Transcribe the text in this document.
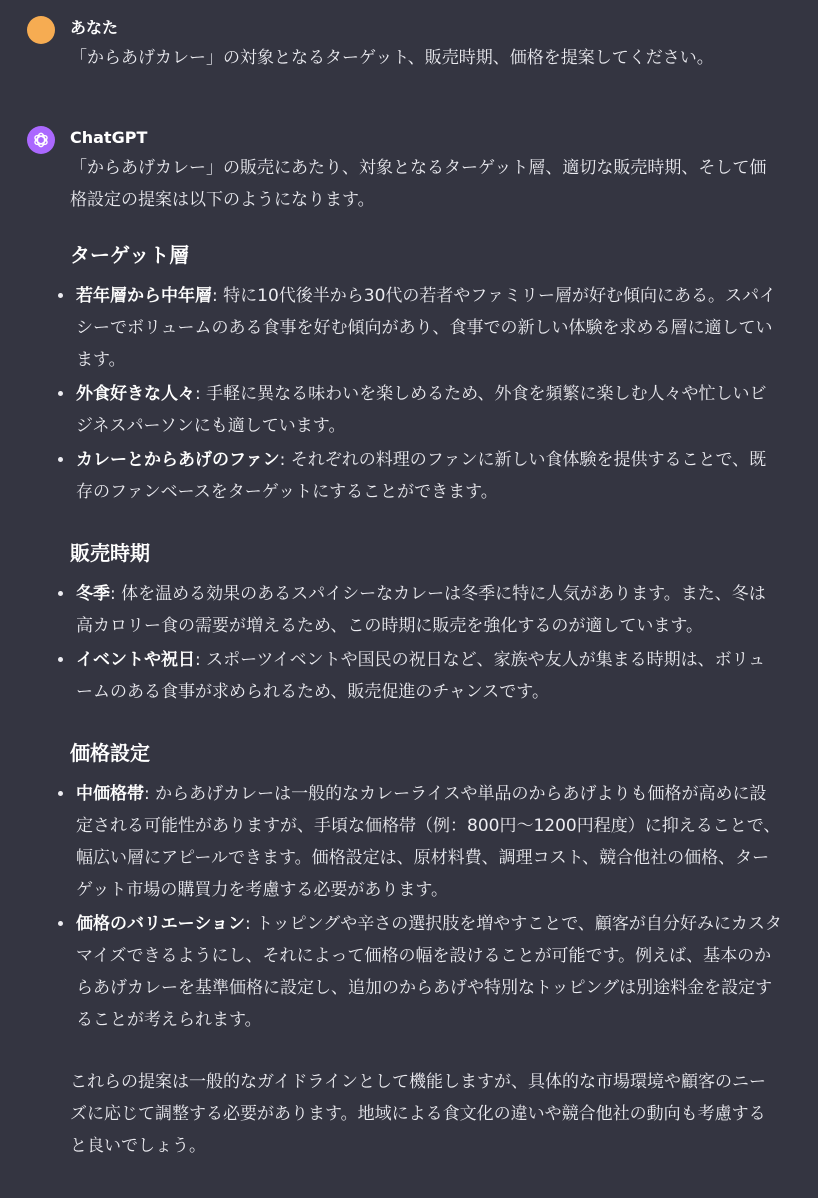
あなた

「からあげカレー」の対象となるターゲット、販売時期、価格を提案してください。

ChatGPT

「からあげカレー」の販売にあたり、対象となるターゲット層、適切な販売時期、そして価格設定の提案は以下のようになります。

ターゲット層
若年層から中年層: 特に10代後半から30代の若者やファミリー層が好む傾向にある。スパイシーでボリュームのある食事を好む傾向があり、食事での新しい体験を求める層に適しています。
外食好きな人々: 手軽に異なる味わいを楽しめるため、外食を頻繁に楽しむ人々や忙しいビジネスパーソンにも適しています。
カレーとからあげのファン: それぞれの料理のファンに新しい食体験を提供することで、既存のファンベースをターゲットにすることができます。
販売時期
冬季: 体を温める効果のあるスパイシーなカレーは冬季に特に人気があります。また、冬は高カロリー食の需要が増えるため、この時期に販売を強化するのが適しています。
イベントや祝日: スポーツイベントや国民の祝日など、家族や友人が集まる時期は、ボリュームのある食事が求められるため、販売促進のチャンスです。
価格設定
中価格帯: からあげカレーは一般的なカレーライスや単品のからあげよりも価格が高めに設定される可能性がありますが、手頃な価格帯（例：800円〜1200円程度）に抑えることで、幅広い層にアピールできます。価格設定は、原材料費、調理コスト、競合他社の価格、ターゲット市場の購買力を考慮する必要があります。
価格のバリエーション: トッピングや辛さの選択肢を増やすことで、顧客が自分好みにカスタマイズできるようにし、それによって価格の幅を設けることが可能です。例えば、基本のからあげカレーを基準価格に設定し、追加のからあげや特別なトッピングは別途料金を設定することが考えられます。

これらの提案は一般的なガイドラインとして機能しますが、具体的な市場環境や顧客のニーズに応じて調整する必要があります。地域による食文化の違いや競合他社の動向も考慮すると良いでしょう。
